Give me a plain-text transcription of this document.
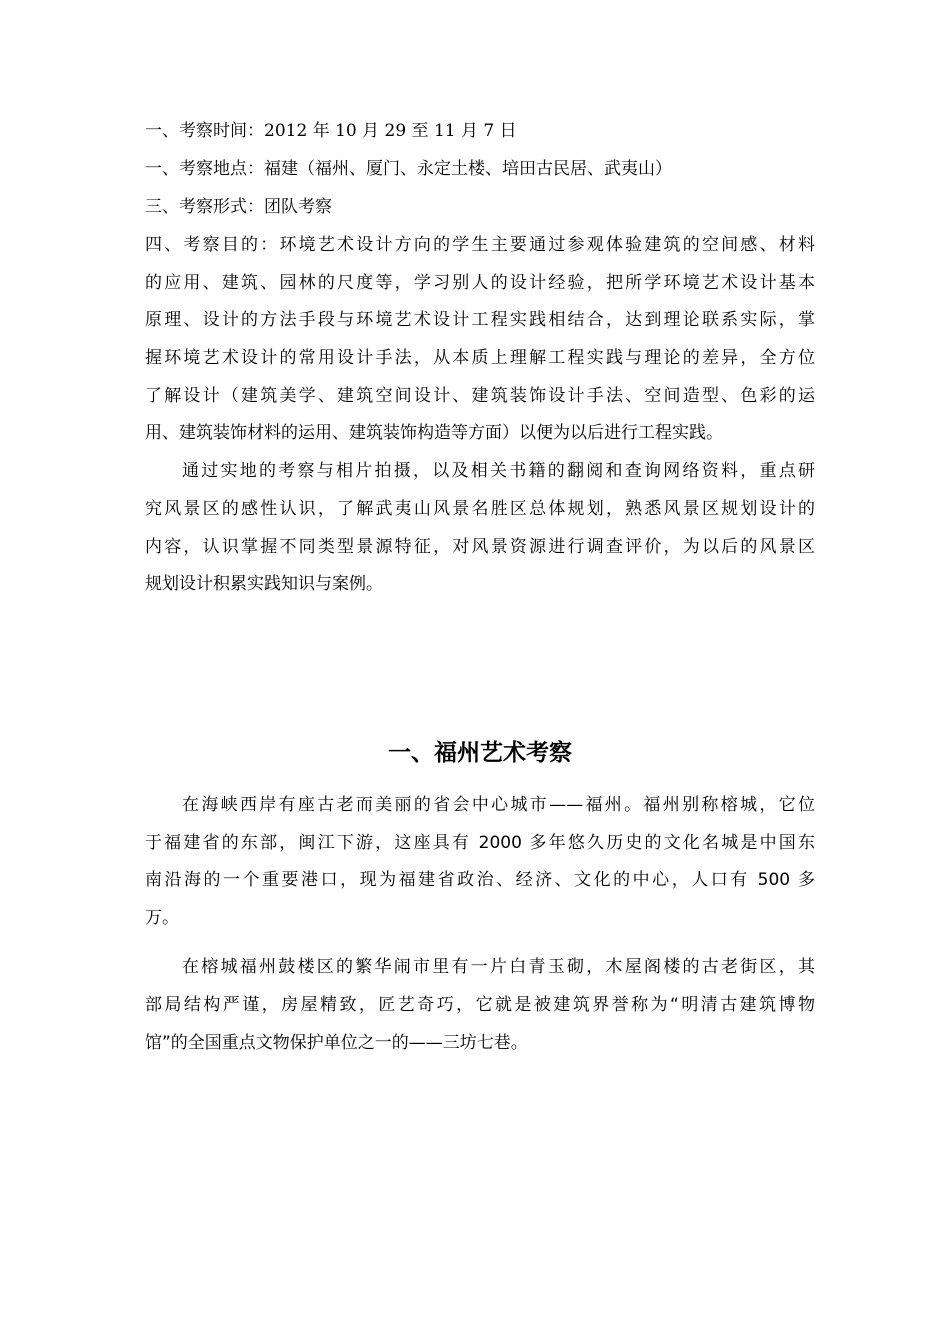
一、考察时间：2012 年 10 月 29 至 11 月 7 日
一、考察地点：福建（福州、厦门、永定土楼、培田古民居、武夷山）
三、考察形式：团队考察
四、考察目的：环境艺术设计方向的学生主要通过参观体验建筑的空间感、材料
的应用、建筑、园林的尺度等，学习别人的设计经验，把所学环境艺术设计基本
原理、设计的方法手段与环境艺术设计工程实践相结合，达到理论联系实际，掌
握环境艺术设计的常用设计手法，从本质上理解工程实践与理论的差异，全方位
了解设计（建筑美学、建筑空间设计、建筑装饰设计手法、空间造型、色彩的运
用、建筑装饰材料的运用、建筑装饰构造等方面）以便为以后进行工程实践。
通过实地的考察与相片拍摄，以及相关书籍的翻阅和查询网络资料，重点研
究风景区的感性认识，了解武夷山风景名胜区总体规划，熟悉风景区规划设计的
内容，认识掌握不同类型景源特征，对风景资源进行调查评价，为以后的风景区
规划设计积累实践知识与案例。
一、福州艺术考察
在海峡西岸有座古老而美丽的省会中心城市——福州。福州别称榕城，它位
于福建省的东部，闽江下游，这座具有 2000 多年悠久历史的文化名城是中国东
南沿海的一个重要港口，现为福建省政治、经济、文化的中心，人口有 500 多
万。
在榕城福州鼓楼区的繁华闹市里有一片白青玉砌，木屋阁楼的古老街区，其
部局结构严谨，房屋精致，匠艺奇巧，它就是被建筑界誉称为“明清古建筑博物
馆”的全国重点文物保护单位之一的——三坊七巷。
